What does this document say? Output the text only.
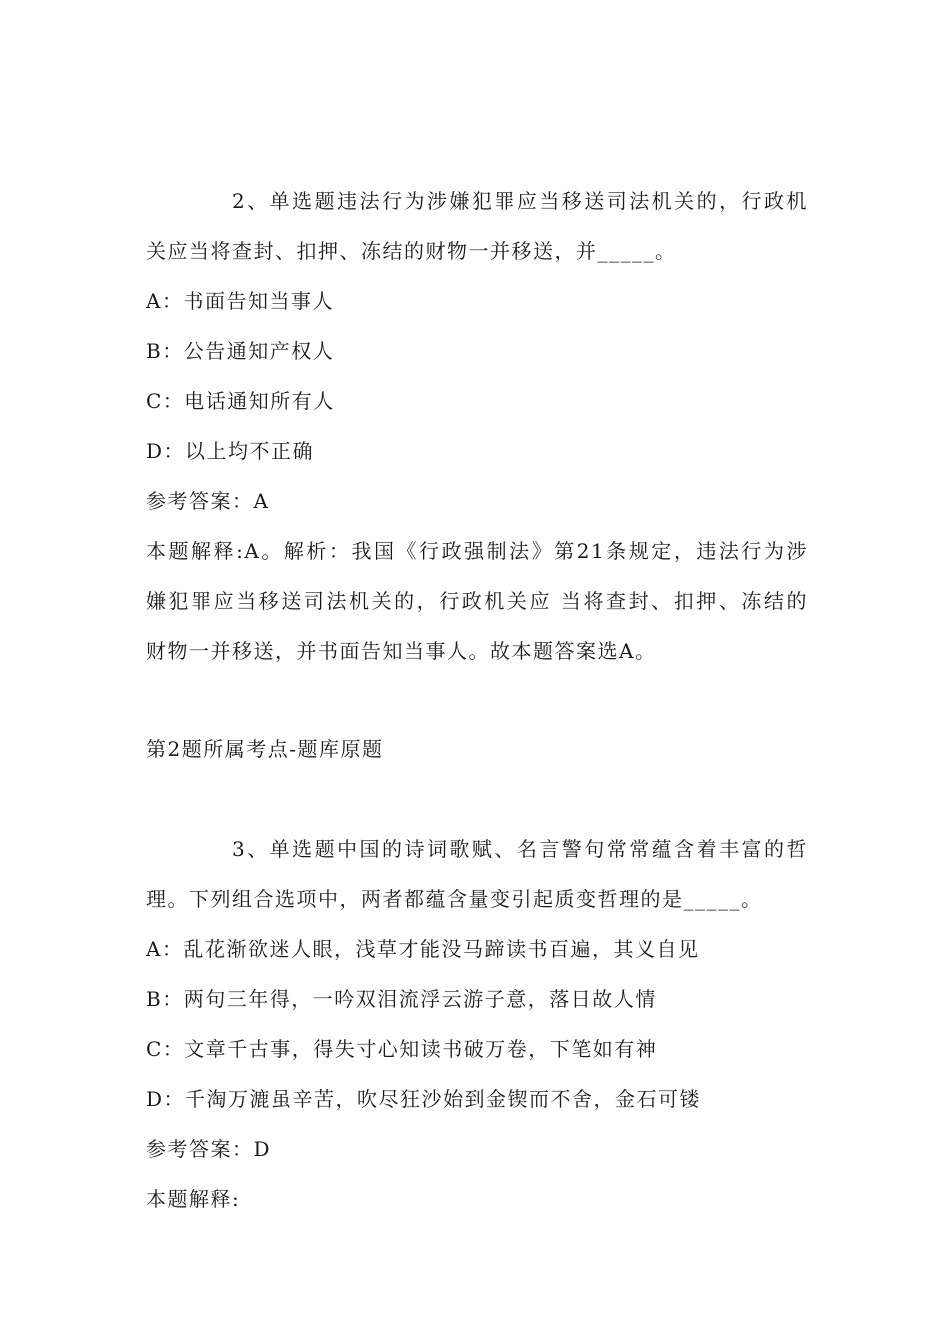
2、单选题违法行为涉嫌犯罪应当移送司法机关的，行政机
关应当将查封、扣押、冻结的财物一并移送，并_____。
A：书面告知当事人
B：公告通知产权人
C：电话通知所有人
D：以上均不正确
参考答案：A
本题解释:A。解析：我国《行政强制法》第21条规定，违法行为涉
嫌犯罪应当移送司法机关的，行政机关应 当将查封、扣押、冻结的
财物一并移送，并书面告知当事人。故本题答案选A。
第2题所属考点-题库原题
3、单选题中国的诗词歌赋、名言警句常常蕴含着丰富的哲
理。下列组合选项中，两者都蕴含量变引起质变哲理的是_____。
A：乱花渐欲迷人眼，浅草才能没马蹄读书百遍，其义自见
B：两句三年得，一吟双泪流浮云游子意，落日故人情
C：文章千古事，得失寸心知读书破万卷，下笔如有神
D：千淘万漉虽辛苦，吹尽狂沙始到金锲而不舍，金石可镂
参考答案：D
本题解释:
